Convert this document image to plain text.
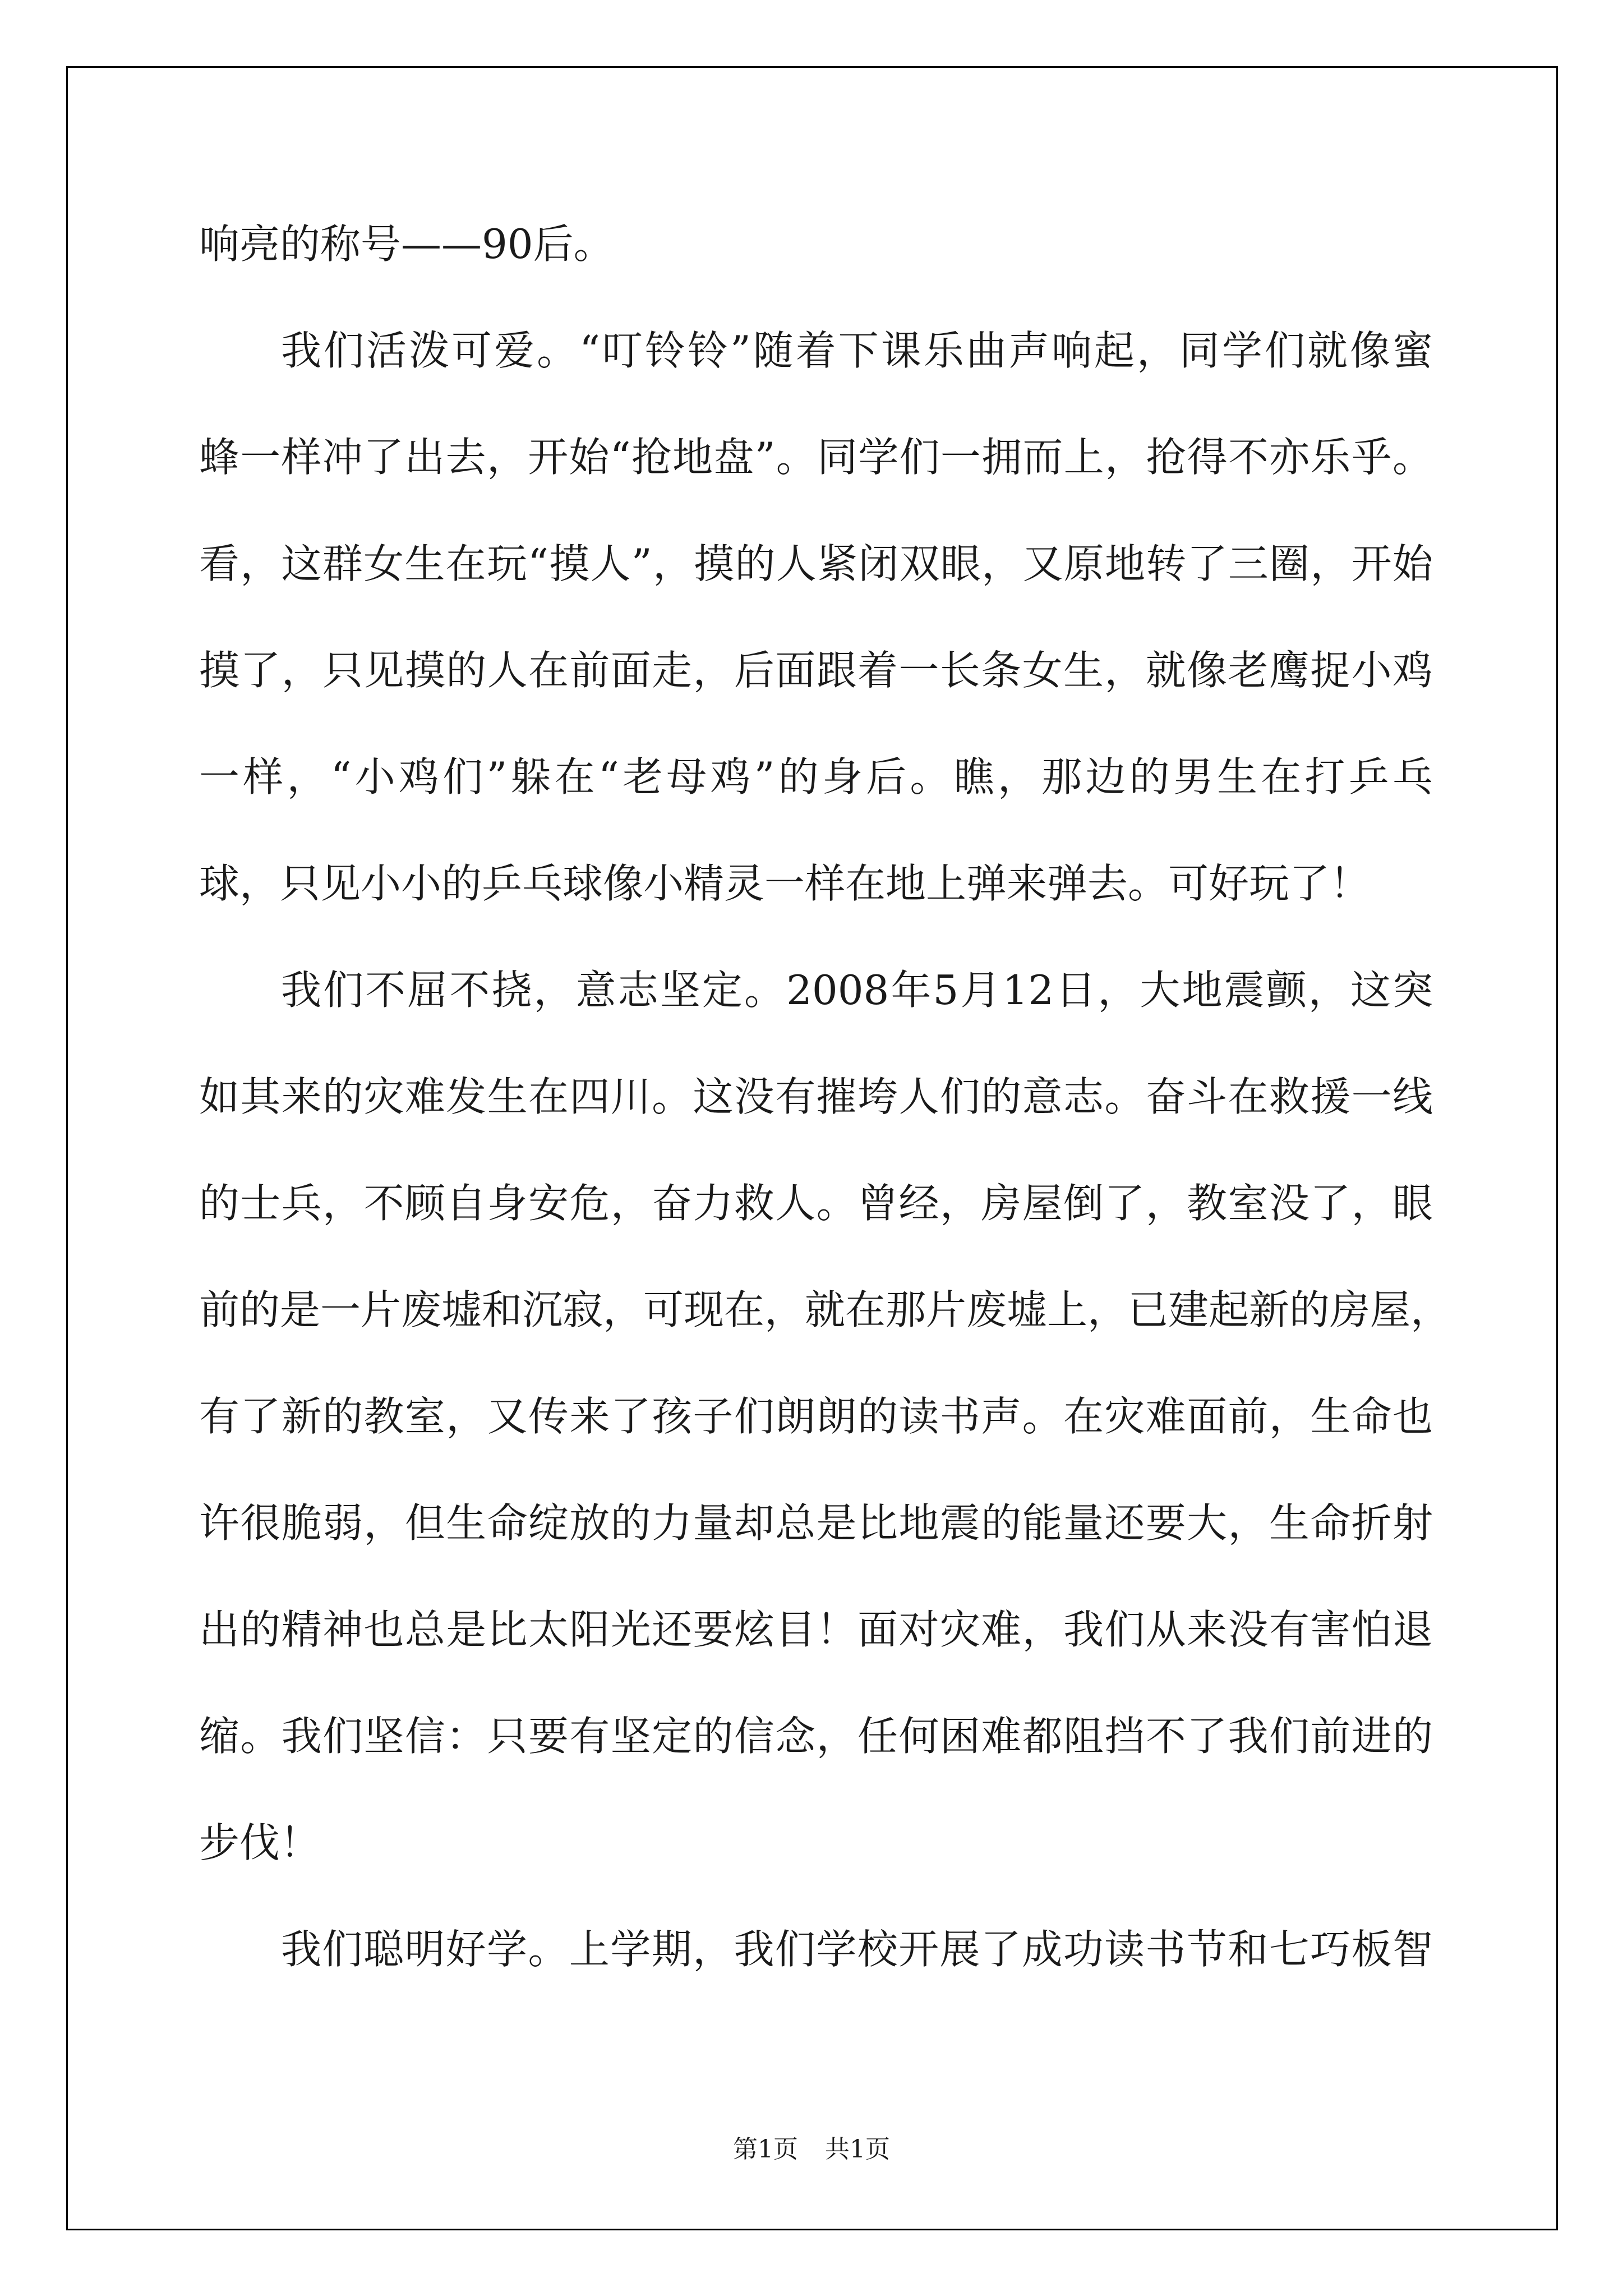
响亮的称号——90后。
我们活泼可爱。“叮铃铃”随着下课乐曲声响起，同学们就像蜜
蜂一样冲了出去，开始“抢地盘”。同学们一拥而上，抢得不亦乐乎。
看，这群女生在玩“摸人”，摸的人紧闭双眼，又原地转了三圈，开始
摸了，只见摸的人在前面走，后面跟着一长条女生，就像老鹰捉小鸡
一样，“小鸡们”躲在“老母鸡”的身后。瞧，那边的男生在打乒乓
球，只见小小的乒乓球像小精灵一样在地上弹来弹去。可好玩了！
我们不屈不挠，意志坚定。2008年5月12日，大地震颤，这突
如其来的灾难发生在四川。这没有摧垮人们的意志。奋斗在救援一线
的士兵，不顾自身安危，奋力救人。曾经，房屋倒了，教室没了，眼
前的是一片废墟和沉寂，可现在，就在那片废墟上，已建起新的房屋，
有了新的教室，又传来了孩子们朗朗的读书声。在灾难面前，生命也
许很脆弱，但生命绽放的力量却总是比地震的能量还要大，生命折射
出的精神也总是比太阳光还要炫目！面对灾难，我们从来没有害怕退
缩。我们坚信：只要有坚定的信念，任何困难都阻挡不了我们前进的
步伐！
我们聪明好学。上学期，我们学校开展了成功读书节和七巧板智
第1页 共1页
